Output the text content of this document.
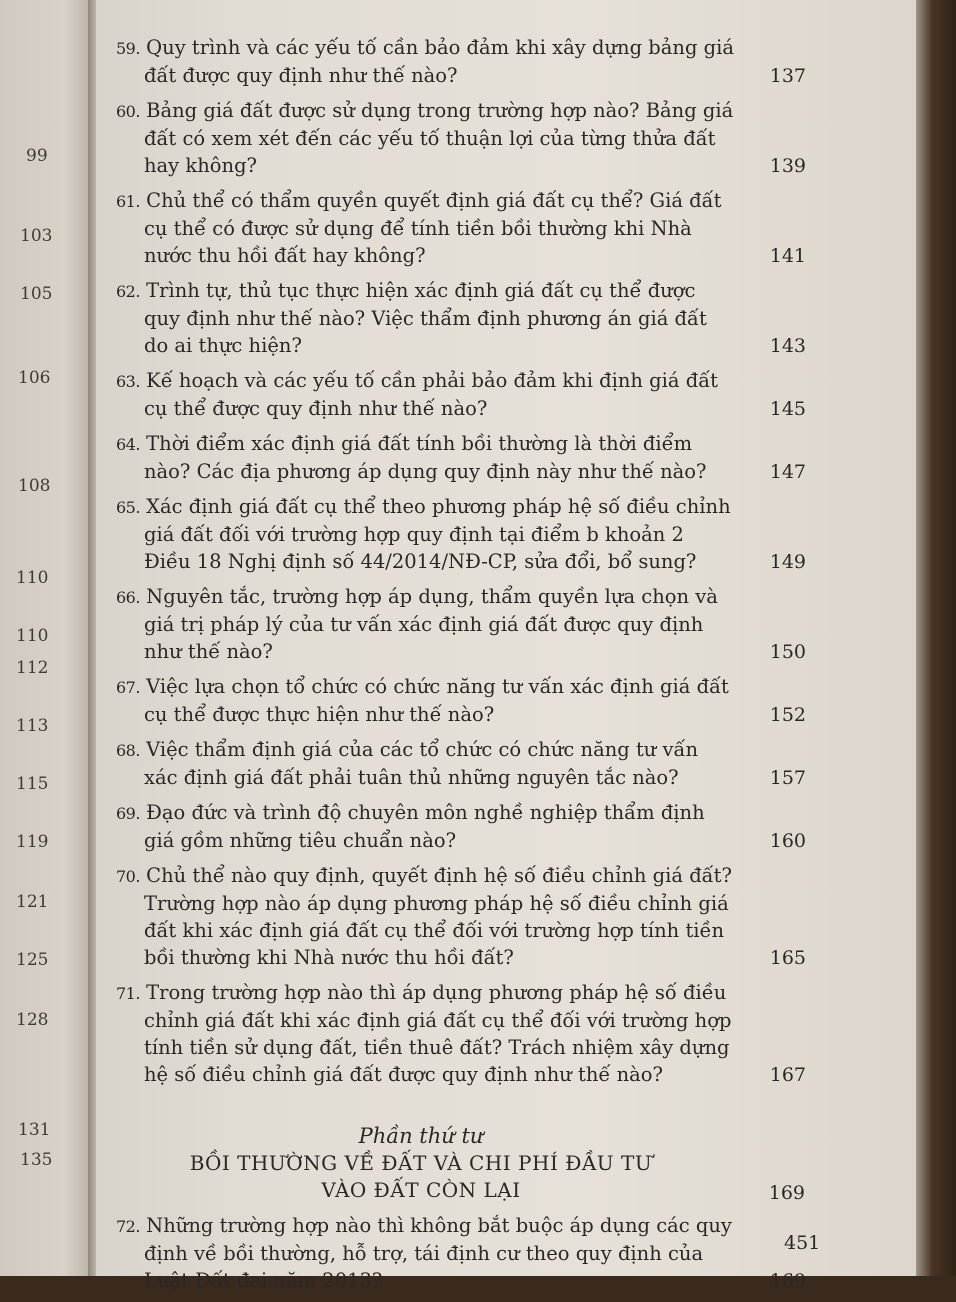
99
103
105
106
108
110
110
112
113
115
119
121
125
128
131
135
59. Quy trình và các yếu tố cần bảo đảm khi xây dựng bảng giá đất được quy định như thế nào?	137
60. Bảng giá đất được sử dụng trong trường hợp nào? Bảng giá đất có xem xét đến các yếu tố thuận lợi của từng thửa đất hay không?	139
61. Chủ thể có thẩm quyền quyết định giá đất cụ thể? Giá đất cụ thể có được sử dụng để tính tiền bồi thường khi Nhà nước thu hồi đất hay không?	141
62. Trình tự, thủ tục thực hiện xác định giá đất cụ thể được quy định như thế nào? Việc thẩm định phương án giá đất do ai thực hiện?	143
63. Kế hoạch và các yếu tố cần phải bảo đảm khi định giá đất cụ thể được quy định như thế nào?	145
64. Thời điểm xác định giá đất tính bồi thường là thời điểm nào? Các địa phương áp dụng quy định này như thế nào?	147
65. Xác định giá đất cụ thể theo phương pháp hệ số điều chỉnh giá đất đối với trường hợp quy định tại điểm b khoản 2 Điều 18 Nghị định số 44/2014/NĐ-CP, sửa đổi, bổ sung?	149
66. Nguyên tắc, trường hợp áp dụng, thẩm quyền lựa chọn và giá trị pháp lý của tư vấn xác định giá đất được quy định như thế nào?	150
67. Việc lựa chọn tổ chức có chức năng tư vấn xác định giá đất cụ thể được thực hiện như thế nào?	152
68. Việc thẩm định giá của các tổ chức có chức năng tư vấn xác định giá đất phải tuân thủ những nguyên tắc nào?	157
69. Đạo đức và trình độ chuyên môn nghề nghiệp thẩm định giá gồm những tiêu chuẩn nào?	160
70. Chủ thể nào quy định, quyết định hệ số điều chỉnh giá đất? Trường hợp nào áp dụng phương pháp hệ số điều chỉnh giá đất khi xác định giá đất cụ thể đối với trường hợp tính tiền bồi thường khi Nhà nước thu hồi đất?	165
71. Trong trường hợp nào thì áp dụng phương pháp hệ số điều chỉnh giá đất khi xác định giá đất cụ thể đối với trường hợp tính tiền sử dụng đất, tiền thuê đất? Trách nhiệm xây dựng hệ số điều chỉnh giá đất được quy định như thế nào?	167
Phần thứ tư
BỒI THƯỜNG VỀ ĐẤT VÀ CHI PHÍ ĐẦU TƯ
VÀO ĐẤT CÒN LẠI	169
72. Những trường hợp nào thì không bắt buộc áp dụng các quy định về bồi thường, hỗ trợ, tái định cư theo quy định của Luật Đất đai năm 2013?	169
451
